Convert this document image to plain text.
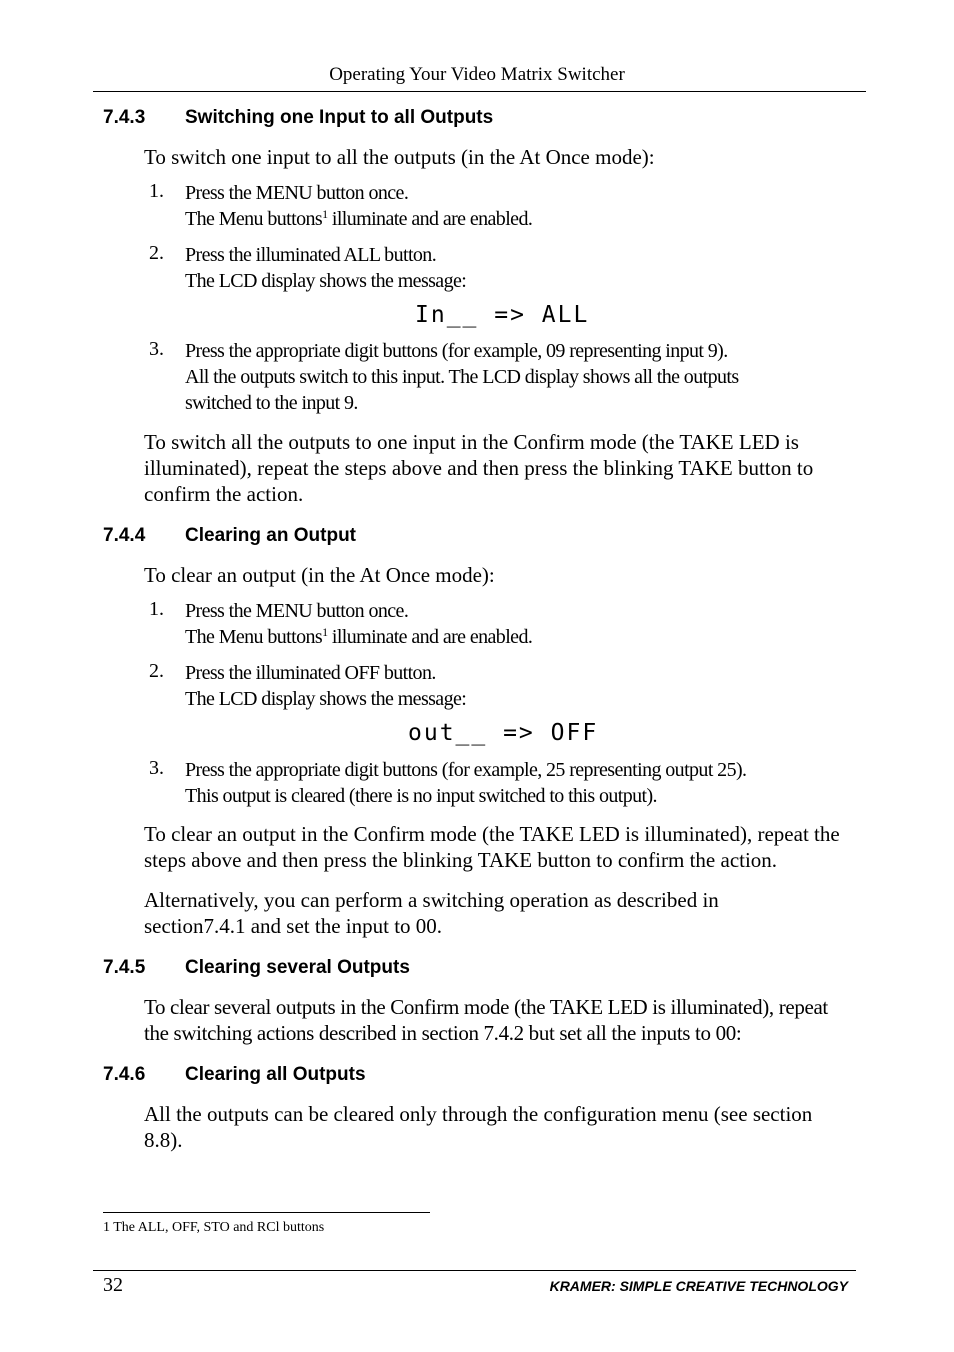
Operating Your Video Matrix Switcher
7.4.3 Switching one Input to all Outputs
To switch one input to all the outputs (in the At Once mode):
1. Press the MENU button once.
The Menu buttons$^1$ illuminate and are enabled.
2. Press the illuminated ALL button.
The LCD display shows the message:
In__ => ALL
3. Press the appropriate digit buttons (for example, 09 representing input 9).
All the outputs switch to this input. The LCD display shows all the outputs
switched to the input 9.
To switch all the outputs to one input in the Confirm mode (the TAKE LED is illuminated), repeat the steps above and then press the blinking TAKE button to confirm the action.
7.4.4 Clearing an Output
To clear an output (in the At Once mode):
1. Press the MENU button once.
The Menu buttons$^1$ illuminate and are enabled.
2. Press the illuminated OFF button.
The LCD display shows the message:
out__ => OFF
3. Press the appropriate digit buttons (for example, 25 representing output 25).
This output is cleared (there is no input switched to this output).
To clear an output in the Confirm mode (the TAKE LED is illuminated), repeat the steps above and then press the blinking TAKE button to confirm the action.
Alternatively, you can perform a switching operation as described in section7.4.1 and set the input to 00.
7.4.5 Clearing several Outputs
To clear several outputs in the Confirm mode (the TAKE LED is illuminated), repeat the switching actions described in section 7.4.2 but set all the inputs to 00:
7.4.6 Clearing all Outputs
All the outputs can be cleared only through the configuration menu (see section 8.8).
1 The ALL, OFF, STO and RCl buttons
32	KRAMER: SIMPLE CREATIVE TECHNOLOGY
